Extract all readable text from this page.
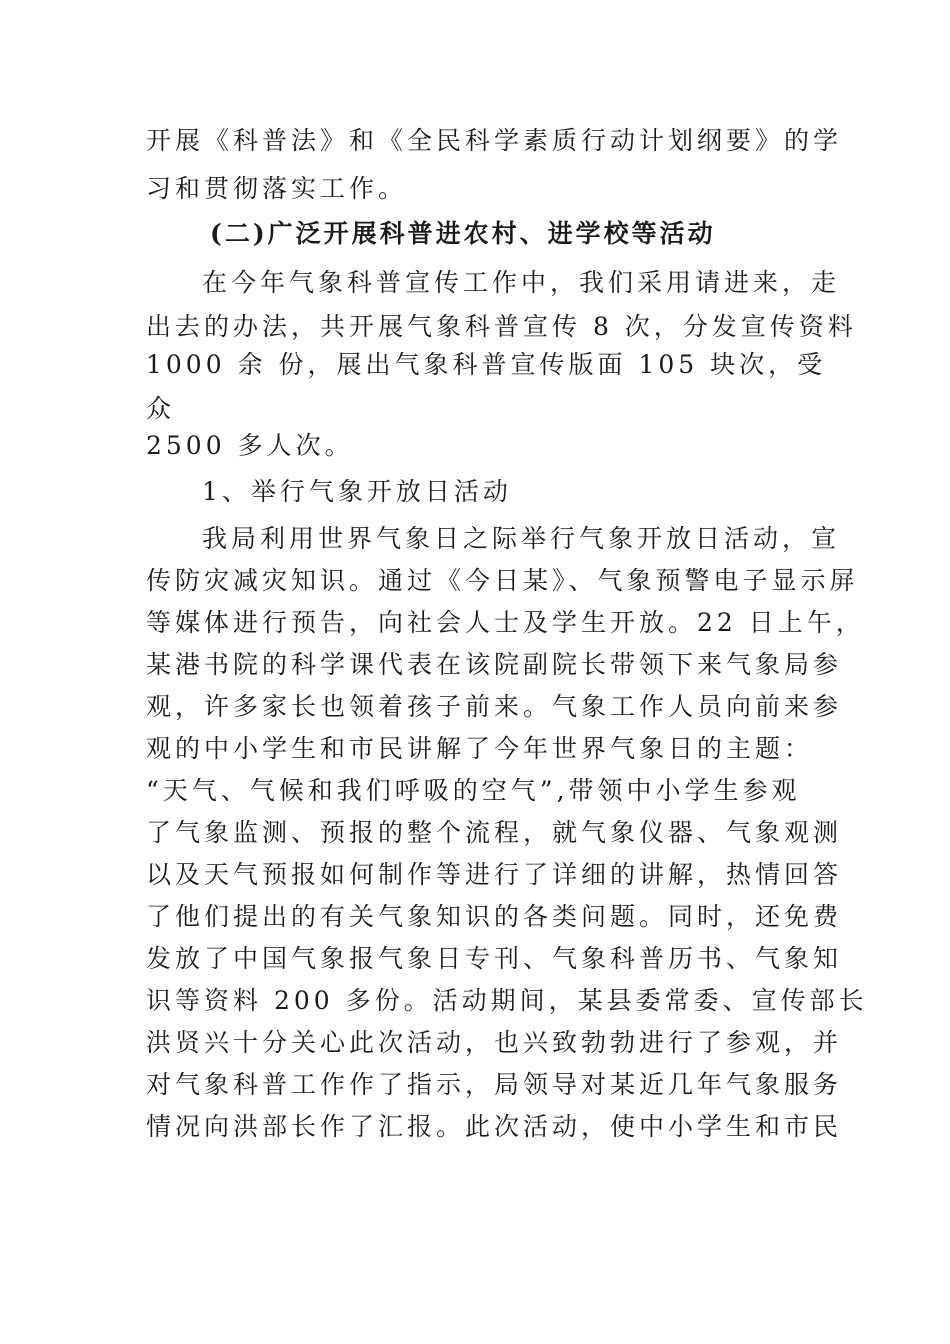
开展《科普法》和《全民科学素质行动计划纲要》的学
习和贯彻落实工作。
(二)广泛开展科普进农村、进学校等活动
在今年气象科普宣传工作中，我们采用请进来，走
出去的办法，共开展气象科普宣传 8 次，分发宣传资料
1000 余 份，展出气象科普宣传版面 105 块次，受
众
2500 多人次。
1、举行气象开放日活动
我局利用世界气象日之际举行气象开放日活动，宣
传防灾减灾知识。通过《今日某》、气象预警电子显示屏
等媒体进行预告，向社会人士及学生开放。22 日上午，
某港书院的科学课代表在该院副院长带领下来气象局参
观，许多家长也领着孩子前来。气象工作人员向前来参
观的中小学生和市民讲解了今年世界气象日的主题：
“天气、气候和我们呼吸的空气”,带领中小学生参观
了气象监测、预报的整个流程，就气象仪器、气象观测
以及天气预报如何制作等进行了详细的讲解，热情回答
了他们提出的有关气象知识的各类问题。同时，还免费
发放了中国气象报气象日专刊、气象科普历书、气象知
识等资料 200 多份。活动期间，某县委常委、宣传部长
洪贤兴十分关心此次活动，也兴致勃勃进行了参观，并
对气象科普工作作了指示，局领导对某近几年气象服务
情况向洪部长作了汇报。此次活动，使中小学生和市民
